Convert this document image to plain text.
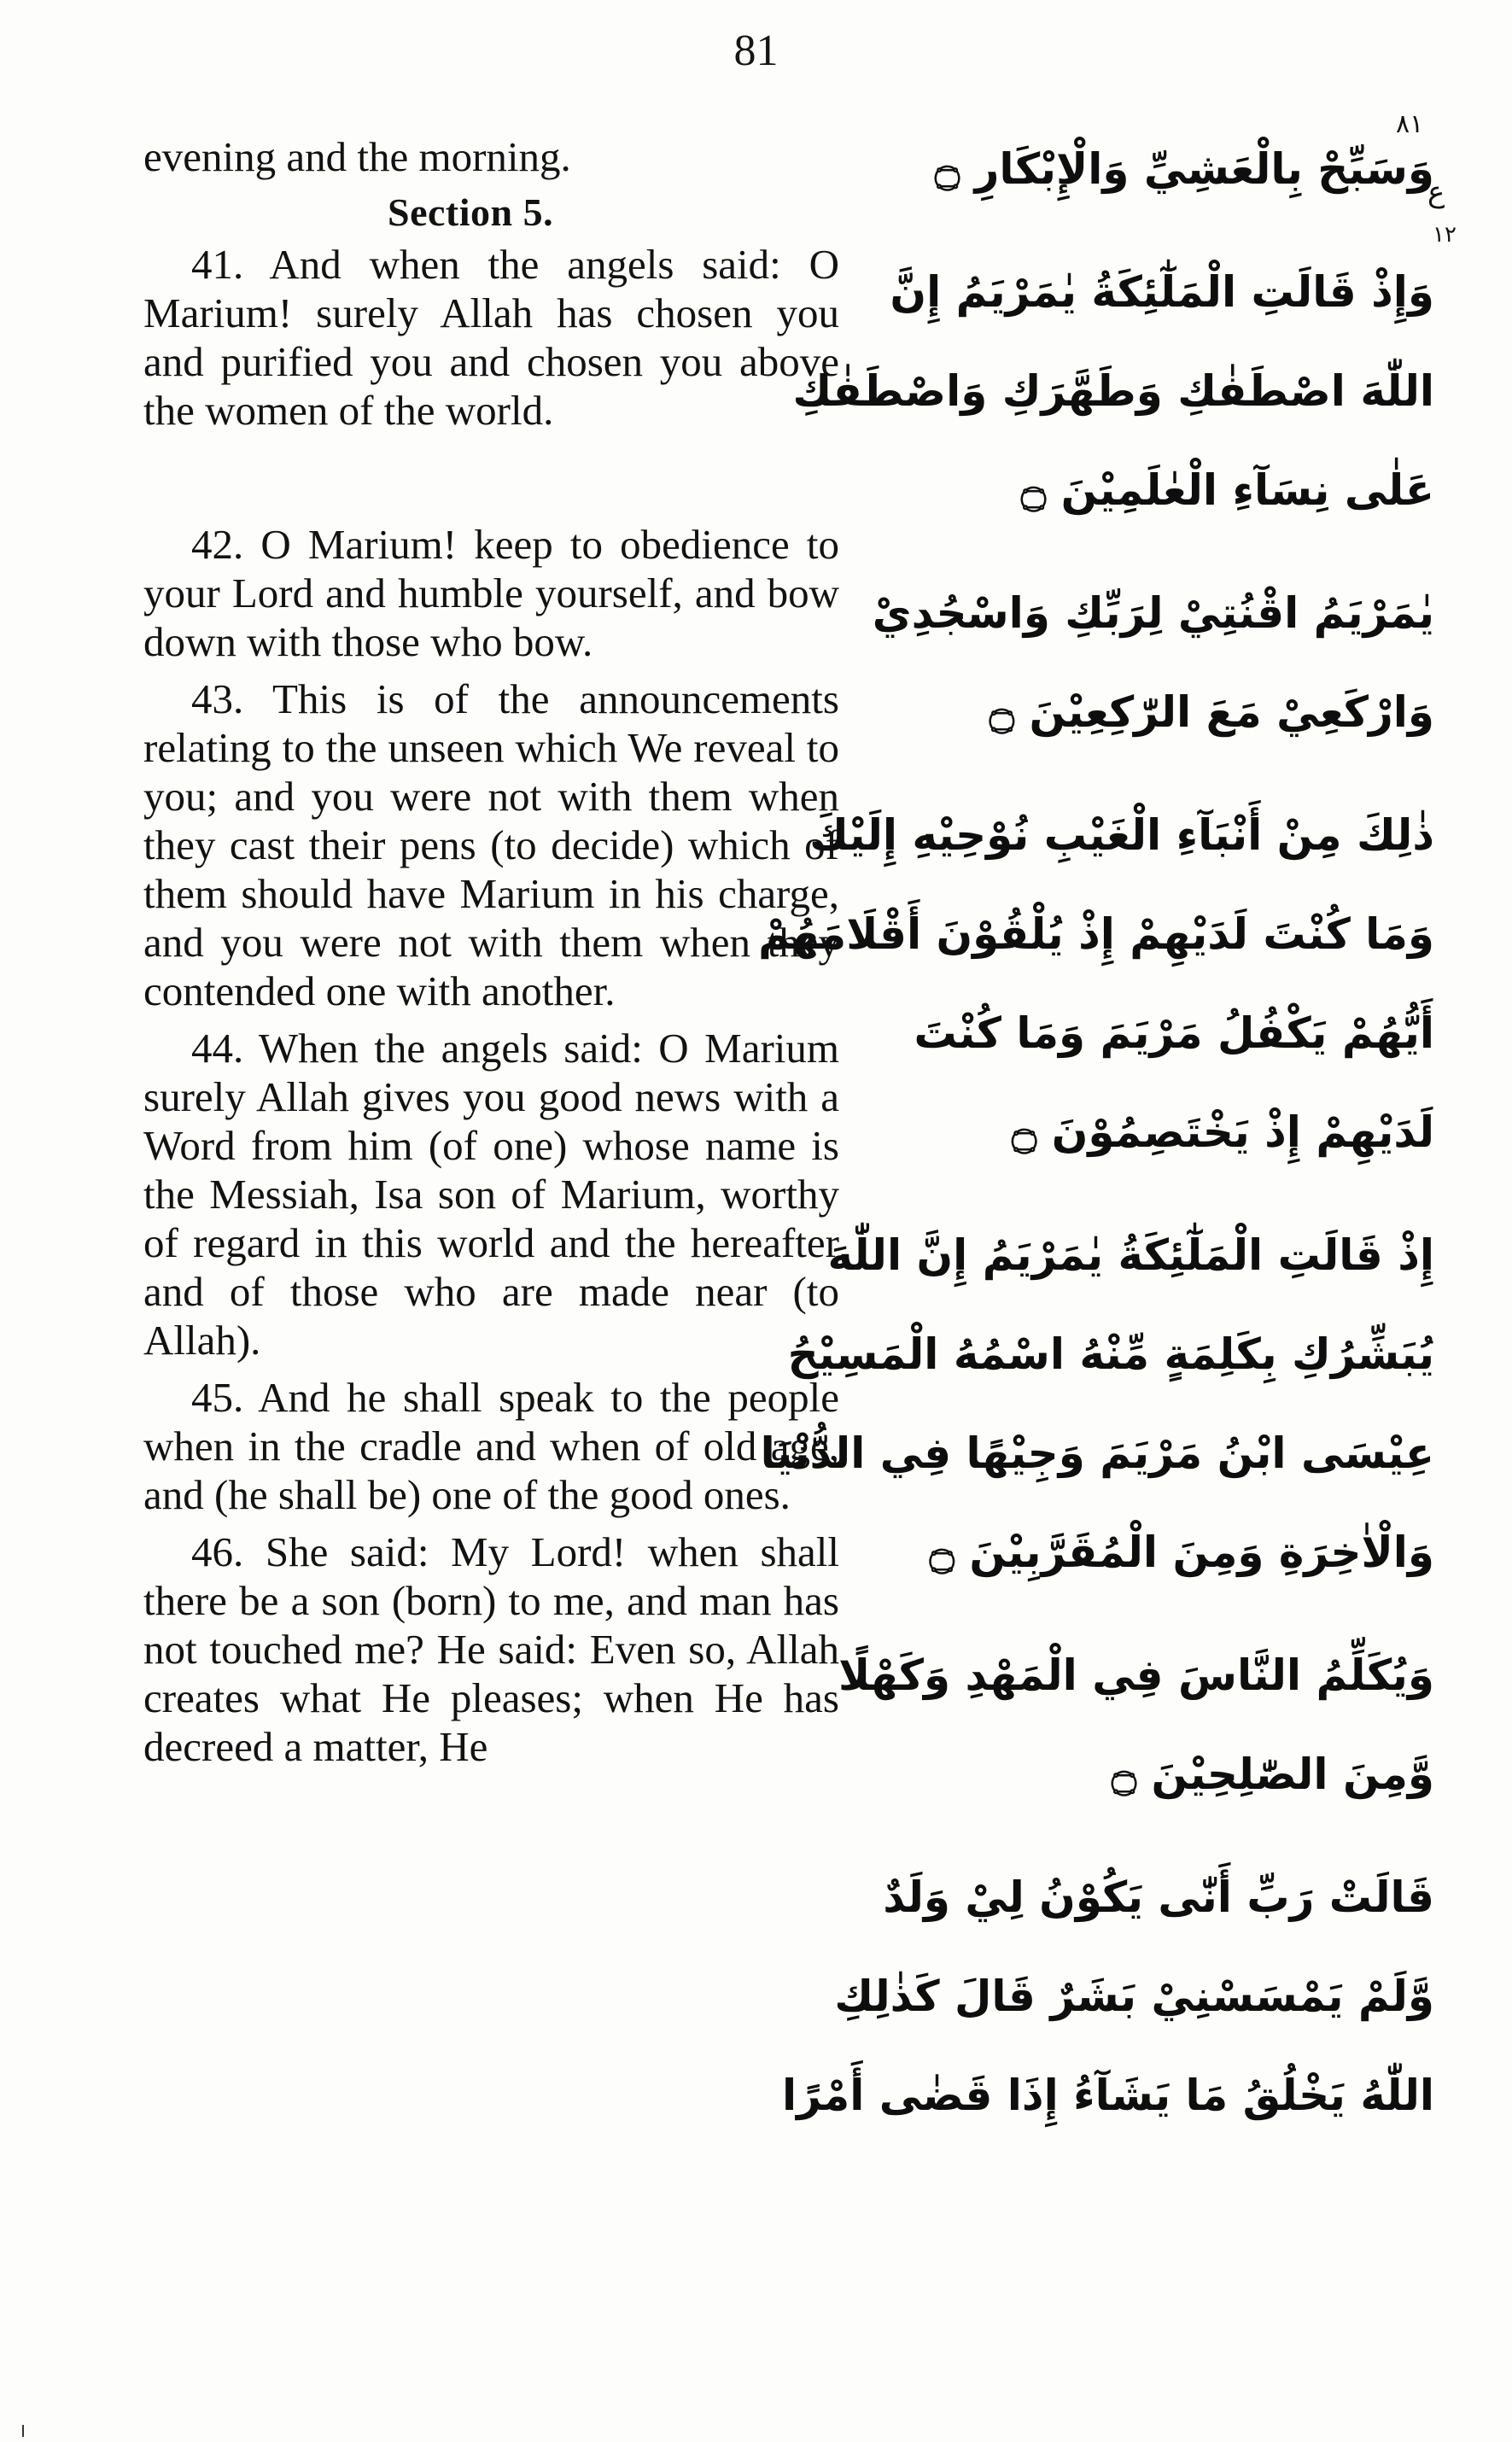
81
٨١
ع
١٢

evening and the morning.

Section 5.

41. And when the angels said: O Marium! surely Allah has chosen you and purified you and chosen you above the women of the world.

42. O Marium! keep to obedience to your Lord and humble yourself, and bow down with those who bow.

43. This is of the announcements relating to the unseen which We reveal to you; and you were not with them when they cast their pens (to decide) which of them should have Marium in his charge, and you were not with them when they contended one with another.

44. When the angels said: O Marium surely Allah gives you good news with a Word from him (of one) whose name is the Messiah, Isa son of Marium, worthy of regard in this world and the hereafter and of those who are made near (to Allah).

45. And he shall speak to the people when in the cradle and when of old age, and (he shall be) one of the good ones.

46. She said: My Lord! when shall there be a son (born) to me, and man has not touched me? He said: Even so, Allah creates what He pleases; when He has decreed a matter, He

وَسَبِّحْ بِالْعَشِيِّ وَالْإِبْكَارِ ۝
وَإِذْ قَالَتِ الْمَلٰٓئِكَةُ يٰمَرْيَمُ إِنَّ
اللّٰهَ اصْطَفٰكِ وَطَهَّرَكِ وَاصْطَفٰكِ
عَلٰى نِسَآءِ الْعٰلَمِيْنَ ۝
يٰمَرْيَمُ اقْنُتِيْ لِرَبِّكِ وَاسْجُدِيْ
وَارْكَعِيْ مَعَ الرّٰكِعِيْنَ ۝
ذٰلِكَ مِنْ أَنْبَآءِ الْغَيْبِ نُوْحِيْهِ إِلَيْكَ
وَمَا كُنْتَ لَدَيْهِمْ إِذْ يُلْقُوْنَ أَقْلَامَهُمْ
أَيُّهُمْ يَكْفُلُ مَرْيَمَ وَمَا كُنْتَ
لَدَيْهِمْ إِذْ يَخْتَصِمُوْنَ ۝
إِذْ قَالَتِ الْمَلٰٓئِكَةُ يٰمَرْيَمُ إِنَّ اللّٰهَ
يُبَشِّرُكِ بِكَلِمَةٍ مِّنْهُ اسْمُهُ الْمَسِيْحُ
عِيْسَى ابْنُ مَرْيَمَ وَجِيْهًا فِي الدُّنْيَا
وَالْاٰخِرَةِ وَمِنَ الْمُقَرَّبِيْنَ ۝
وَيُكَلِّمُ النَّاسَ فِي الْمَهْدِ وَكَهْلًا
وَّمِنَ الصّٰلِحِيْنَ ۝
قَالَتْ رَبِّ أَنّٰى يَكُوْنُ لِيْ وَلَدٌ
وَّلَمْ يَمْسَسْنِيْ بَشَرٌ قَالَ كَذٰلِكِ
اللّٰهُ يَخْلُقُ مَا يَشَآءُ إِذَا قَضٰى أَمْرًا
